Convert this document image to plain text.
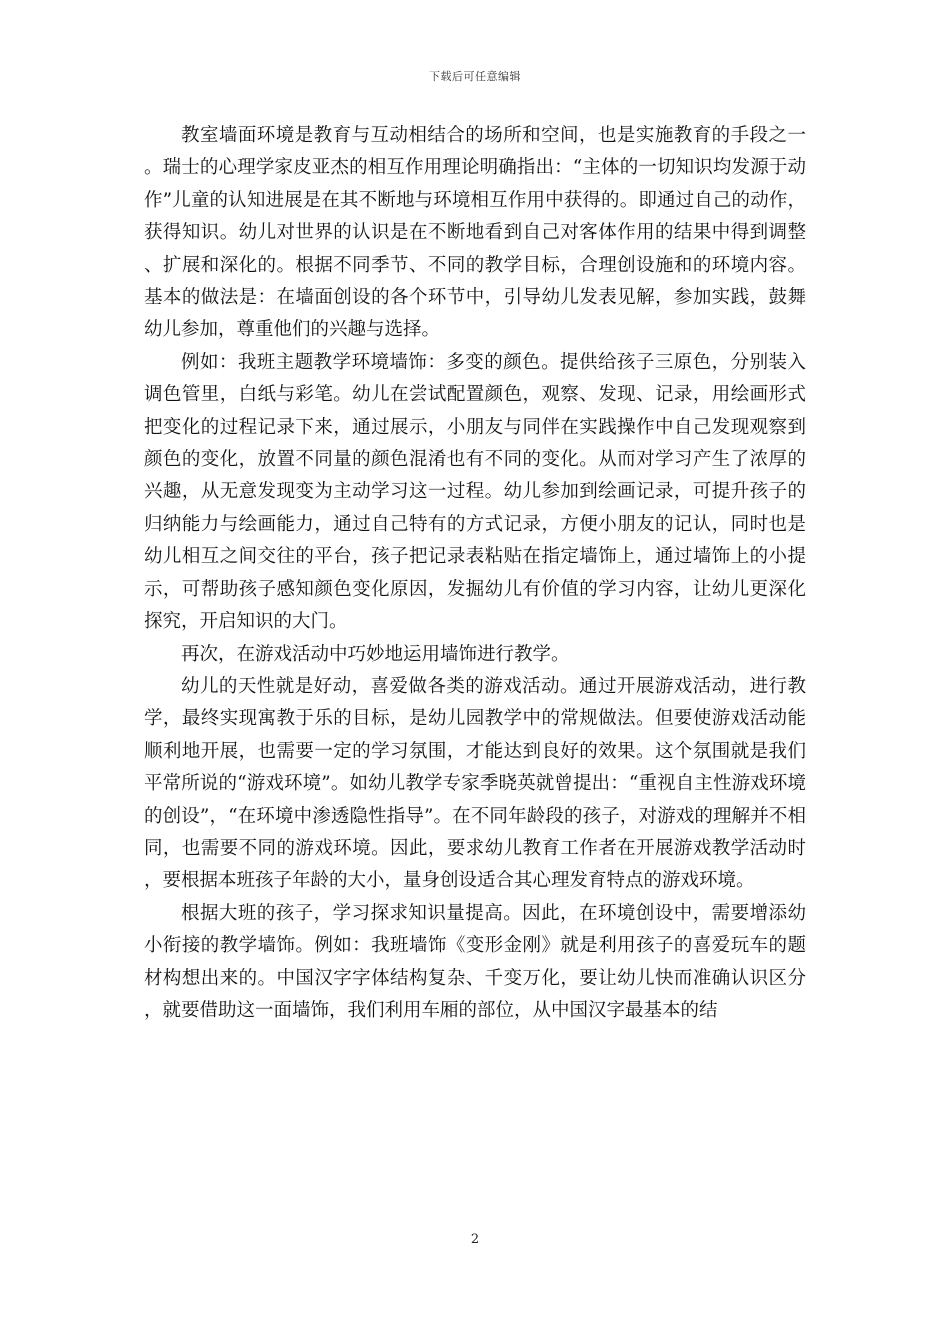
下载后可任意编辑

教室墙面环境是教育与互动相结合的场所和空间，也是实施教育的手段之一。瑞士的心理学家皮亚杰的相互作用理论明确指出：“主体的一切知识均发源于动作”儿童的认知进展是在其不断地与环境相互作用中获得的。即通过自己的动作，获得知识。幼儿对世界的认识是在不断地看到自己对客体作用的结果中得到调整、扩展和深化的。根据不同季节、不同的教学目标，合理创设施和的环境内容。基本的做法是：在墙面创设的各个环节中，引导幼儿发表见解，参加实践，鼓舞幼儿参加，尊重他们的兴趣与选择。

例如：我班主题教学环境墙饰：多变的颜色。提供给孩子三原色，分别装入调色管里，白纸与彩笔。幼儿在尝试配置颜色，观察、发现、记录，用绘画形式把变化的过程记录下来，通过展示，小朋友与同伴在实践操作中自己发现观察到颜色的变化，放置不同量的颜色混淆也有不同的变化。从而对学习产生了浓厚的兴趣，从无意发现变为主动学习这一过程。幼儿参加到绘画记录，可提升孩子的归纳能力与绘画能力，通过自己特有的方式记录，方便小朋友的记认，同时也是幼儿相互之间交往的平台，孩子把记录表粘贴在指定墙饰上，通过墙饰上的小提示，可帮助孩子感知颜色变化原因，发掘幼儿有价值的学习内容，让幼儿更深化探究，开启知识的大门。

再次，在游戏活动中巧妙地运用墙饰进行教学。

幼儿的天性就是好动，喜爱做各类的游戏活动。通过开展游戏活动，进行教学，最终实现寓教于乐的目标，是幼儿园教学中的常规做法。但要使游戏活动能顺利地开展，也需要一定的学习氛围，才能达到良好的效果。这个氛围就是我们平常所说的“游戏环境”。如幼儿教学专家季晓英就曾提出：“重视自主性游戏环境的创设”，“在环境中渗透隐性指导”。在不同年龄段的孩子，对游戏的理解并不相同，也需要不同的游戏环境。因此，要求幼儿教育工作者在开展游戏教学活动时，要根据本班孩子年龄的大小，量身创设适合其心理发育特点的游戏环境。

根据大班的孩子，学习探求知识量提高。因此，在环境创设中，需要增添幼小衔接的教学墙饰。例如：我班墙饰《变形金刚》就是利用孩子的喜爱玩车的题材构想出来的。中国汉字字体结构复杂、千变万化，要让幼儿快而准确认识区分，就要借助这一面墙饰，我们利用车厢的部位，从中国汉字最基本的结

2
